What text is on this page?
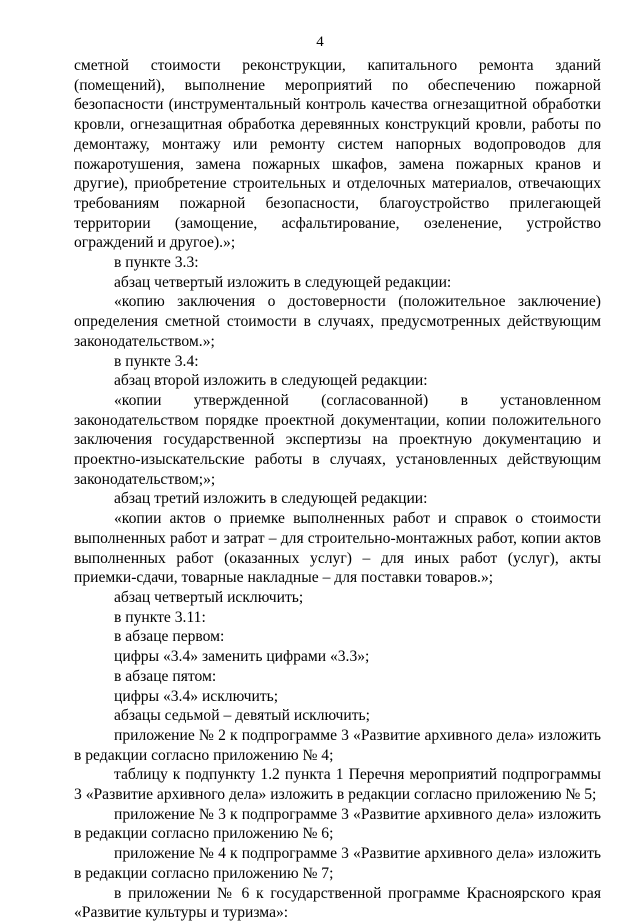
4

сметной стоимости реконструкции, капитального ремонта зданий (помещений), выполнение мероприятий по обеспечению пожарной безопасности (инструментальный контроль качества огнезащитной обработки кровли, огнезащитная обработка деревянных конструкций кровли, работы по демонтажу, монтажу или ремонту систем напорных водопроводов для пожаротушения, замена пожарных шкафов, замена пожарных кранов и другие), приобретение строительных и отделочных материалов, отвечающих требованиям пожарной безопасности, благоустройство прилегающей территории (замощение, асфальтирование, озеленение, устройство ограждений и другое).»;

в пункте 3.3:

абзац четвертый изложить в следующей редакции:

«копию заключения о достоверности (положительное заключение) определения сметной стоимости в случаях, предусмотренных действующим законодательством.»;

в пункте 3.4:

абзац второй изложить в следующей редакции:

«копии утвержденной (согласованной) в установленном законодательством порядке проектной документации, копии положительного заключения государственной экспертизы на проектную документацию и проектно-изыскательские работы в случаях, установленных действующим законодательством;»;

абзац третий изложить в следующей редакции:

«копии актов о приемке выполненных работ и справок о стоимости выполненных работ и затрат – для строительно-монтажных работ, копии актов выполненных работ (оказанных услуг) – для иных работ (услуг), акты приемки-сдачи, товарные накладные – для поставки товаров.»;

абзац четвертый исключить;

в пункте 3.11:

в абзаце первом:

цифры «3.4» заменить цифрами «3.3»;

в абзаце пятом:

цифры «3.4» исключить;

абзацы седьмой – девятый исключить;

приложение № 2 к подпрограмме 3 «Развитие архивного дела» изложить в редакции согласно приложению № 4;

таблицу к подпункту 1.2 пункта 1 Перечня мероприятий подпрограммы 3 «Развитие архивного дела» изложить в редакции согласно приложению № 5;

приложение № 3 к подпрограмме 3 «Развитие архивного дела» изложить в редакции согласно приложению № 6;

приложение № 4 к подпрограмме 3 «Развитие архивного дела» изложить в редакции согласно приложению № 7;

в приложении № 6 к государственной программе Красноярского края «Развитие культуры и туризма»:
